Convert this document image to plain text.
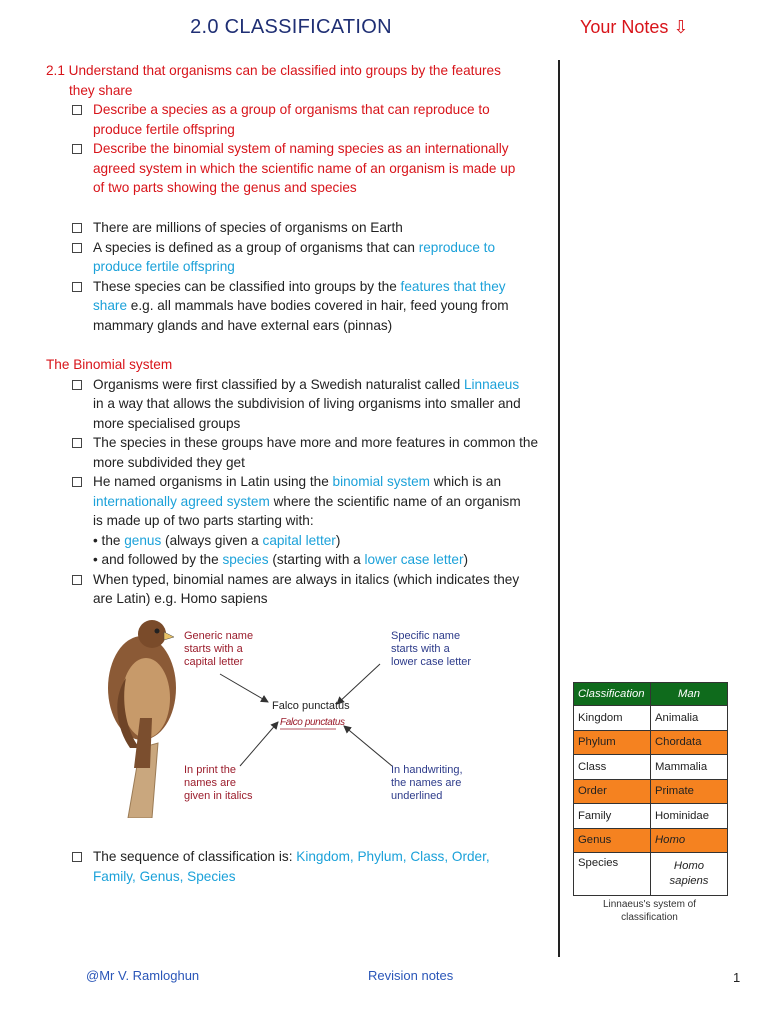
2.0 CLASSIFICATION	Your Notes ⇩
2.1 Understand that organisms can be classified into groups by the features
they share
Describe a species as a group of organisms that can reproduce to
produce fertile offspring
Describe the binomial system of naming species as an internationally
agreed system in which the scientific name of an organism is made up
of two parts showing the genus and species
There are millions of species of organisms on Earth
A species is defined as a group of organisms that can reproduce to
produce fertile offspring
These species can be classified into groups by the features that they
share e.g. all mammals have bodies covered in hair, feed young from
mammary glands and have external ears (pinnas)
The Binomial system
Organisms were first classified by a Swedish naturalist called Linnaeus
in a way that allows the subdivision of living organisms into smaller and
more specialised groups
The species in these groups have more and more features in common the
more subdivided they get
He named organisms in Latin using the binomial system which is an
internationally agreed system where the scientific name of an organism
is made up of two parts starting with:
• the genus (always given a capital letter)
• and followed by the species (starting with a lower case letter)
When typed, binomial names are always in italics (which indicates they
are Latin) e.g. Homo sapiens
Generic name
starts with a
capital letter
Specific name
starts with a
lower case letter
Falco punctatus
Falco punctatus
In print the
names are
given in italics
In handwriting,
the names are
underlined
The sequence of classification is: Kingdom, Phylum, Class, Order,
Family, Genus, Species
Classification	Man
Kingdom	Animalia
Phylum	Chordata
Class	Mammalia
Order	Primate
Family	Hominidae
Genus	Homo
Species	Homo
sapiens
Linnaeus's system of
classification
@Mr V. Ramloghun	Revision notes	1
